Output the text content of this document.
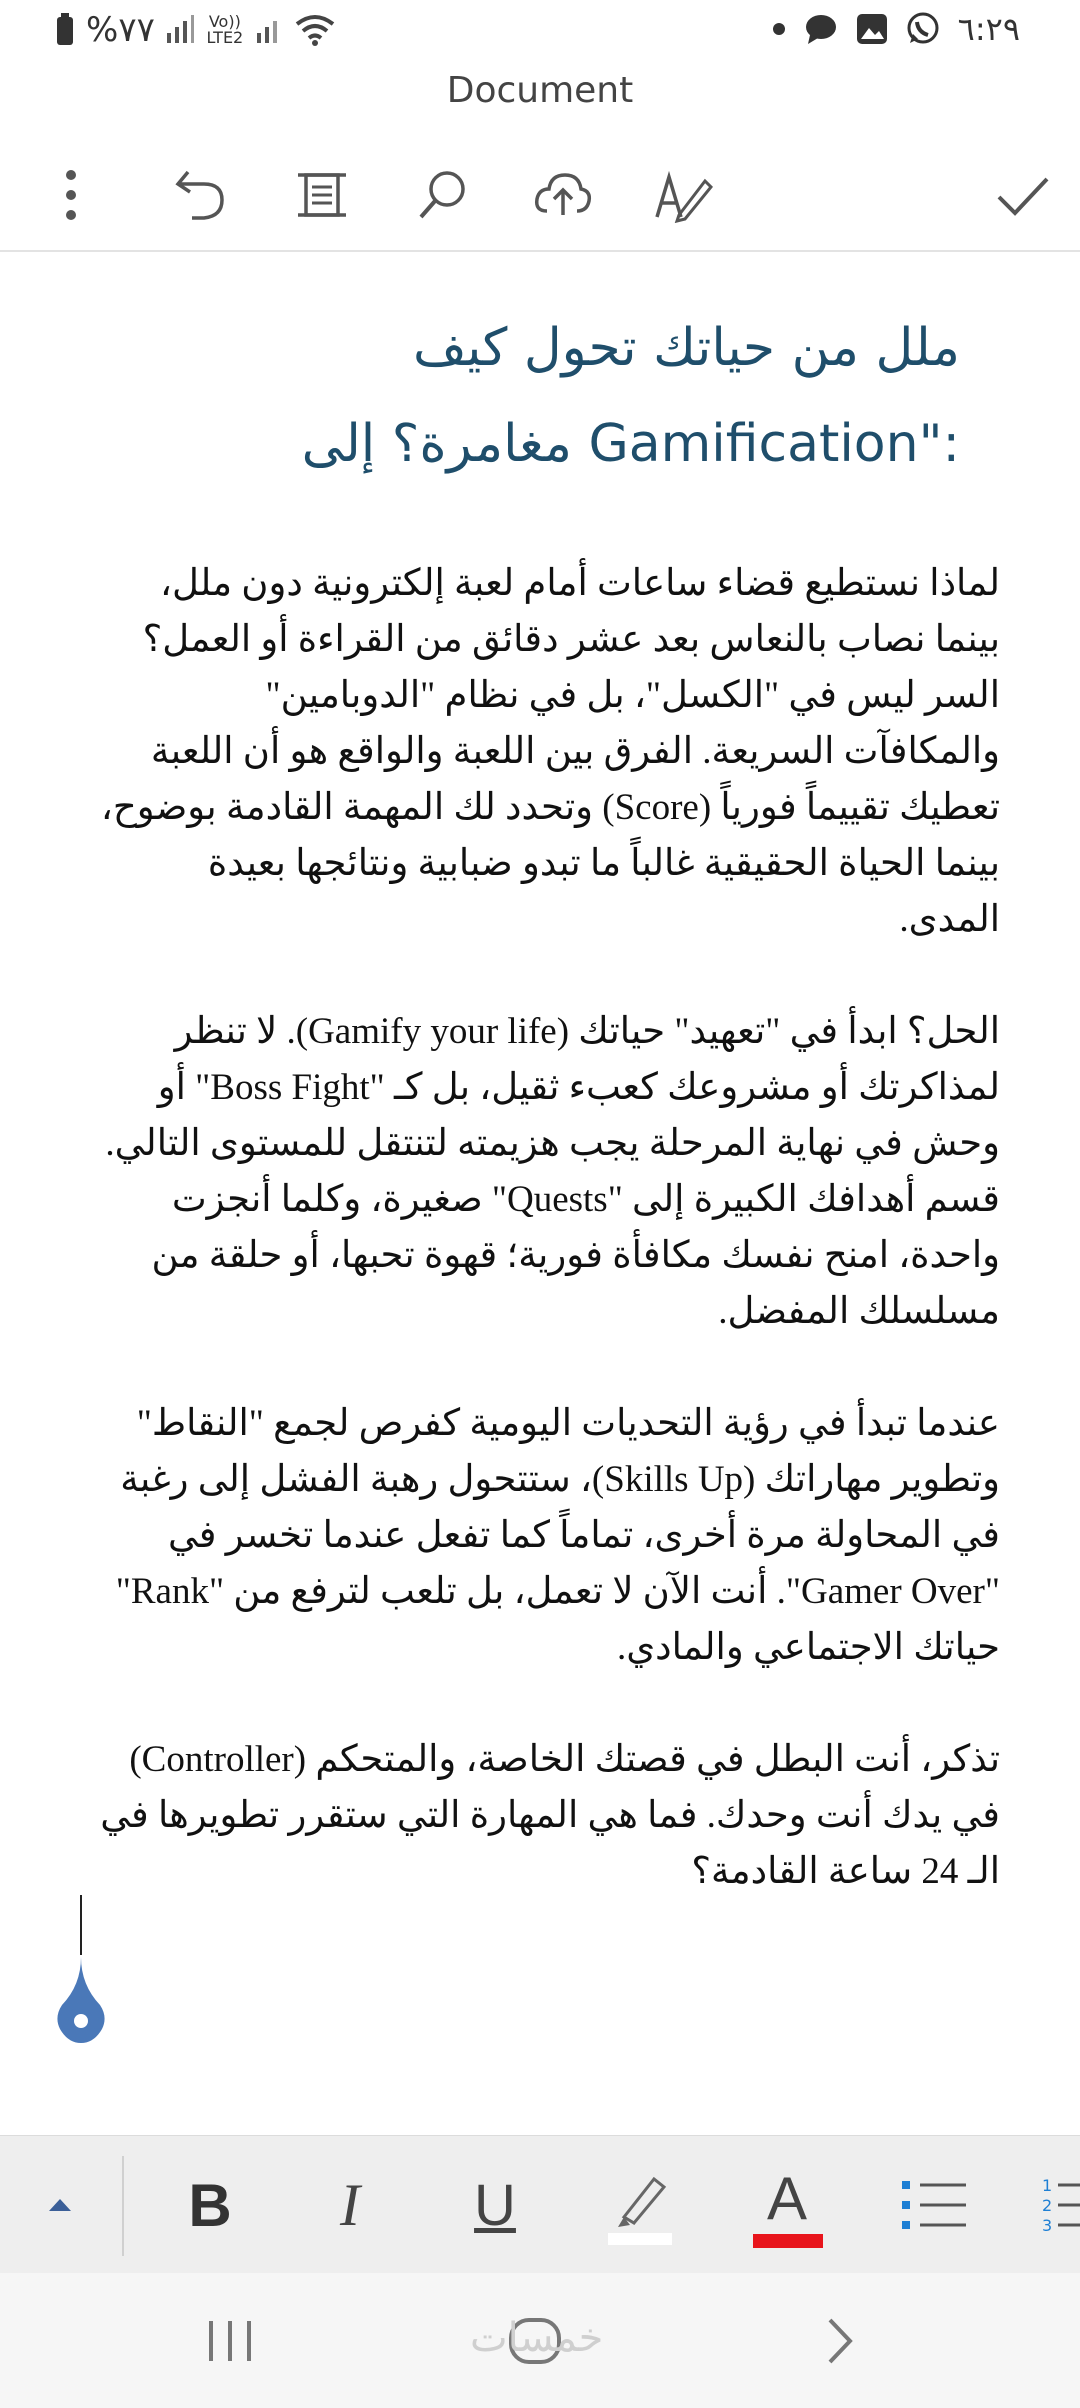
%٧٧	Vo)) LTE2	٦:٢٩
Document
ملل من حياتك تحول كيف :"Gamification مغامرة؟ إلى

لماذا نستطيع قضاء ساعات أمام لعبة إلكترونية دون ملل، بينما نصاب بالنعاس بعد عشر دقائق من القراءة أو العمل؟ السر ليس في "الكسل"، بل في نظام "الدوبامين" والمكافآت السريعة. الفرق بين اللعبة والواقع هو أن اللعبة تعطيك تقييماً فورياً (Score) وتحدد لك المهمة القادمة بوضوح، بينما الحياة الحقيقية غالباً ما تبدو ضبابية ونتائجها بعيدة المدى.

الحل؟ ابدأ في "تعهيد" حياتك (Gamify your life). لا تنظر لمذاكرتك أو مشروعك كعبء ثقيل، بل كـ "Boss Fight" أو وحش في نهاية المرحلة يجب هزيمته لتنتقل للمستوى التالي. قسم أهدافك الكبيرة إلى "Quests" صغيرة، وكلما أنجزت واحدة، امنح نفسك مكافأة فورية؛ قهوة تحبها، أو حلقة من مسلسلك المفضل.

عندما تبدأ في رؤية التحديات اليومية كفرص لجمع "النقاط" وتطوير مهاراتك (Skills Up)، ستتحول رهبة الفشل إلى رغبة في المحاولة مرة أخرى، تماماً كما تفعل عندما تخسر في "Gamer Over". أنت الآن لا تعمل، بل تلعب لترفع من "Rank" حياتك الاجتماعي والمادي.

تذكر، أنت البطل في قصتك الخاصة، والمتحكم (Controller) في يدك أنت وحدك. فما هي المهارة التي ستقرر تطويرها في الـ 24 ساعة القادمة؟

B	I	U	A	1
2
3
خمسات
